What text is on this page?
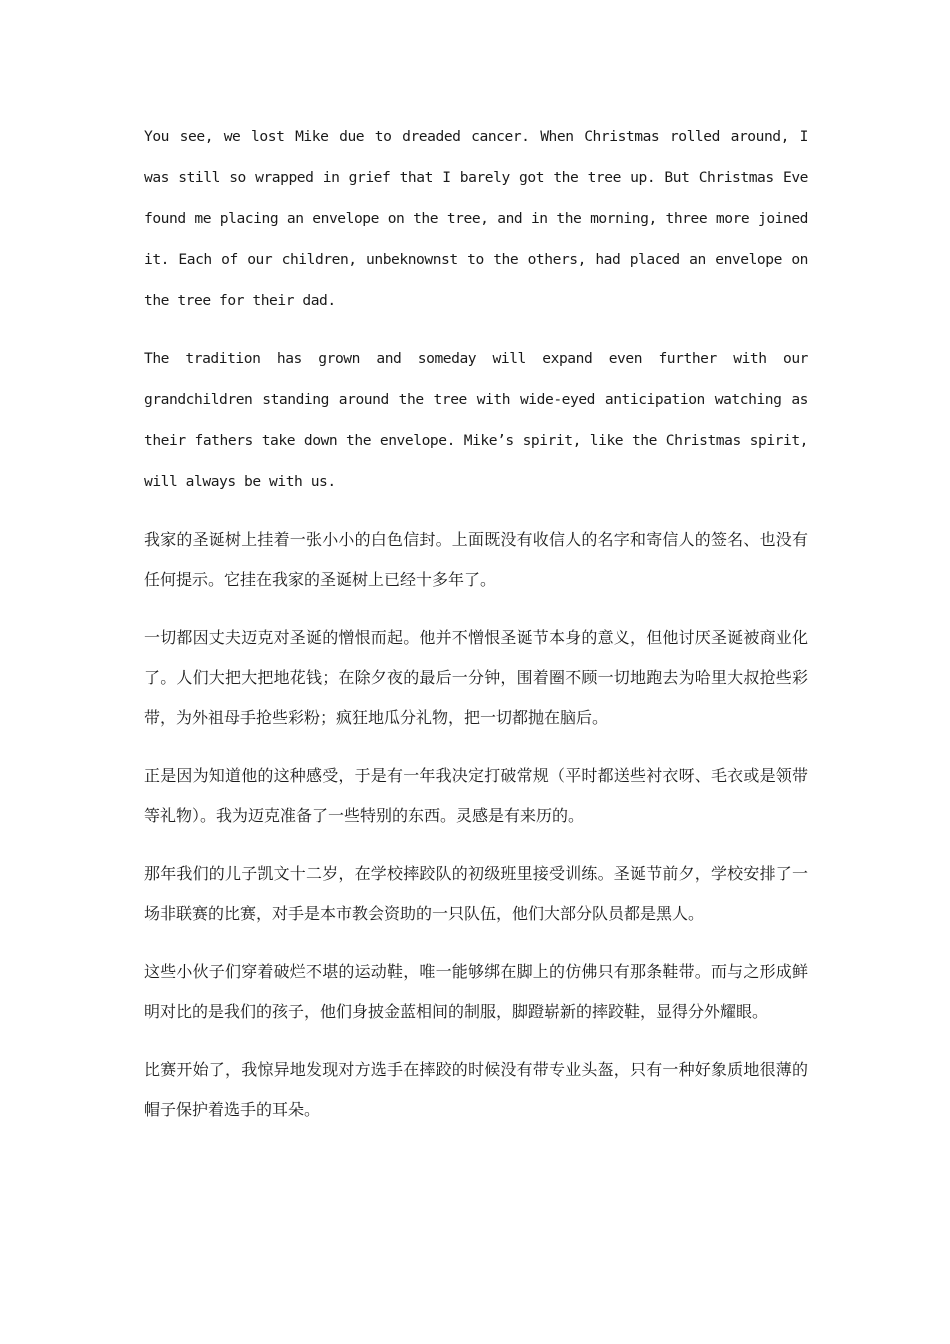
You see, we lost Mike due to dreaded cancer. When Christmas rolled around, I was still so wrapped in grief that I barely got the tree up. But Christmas Eve found me placing an envelope on the tree, and in the morning, three more joined it. Each of our children, unbeknownst to the others, had placed an envelope on the tree for their dad.

The tradition has grown and someday will expand even further with our grandchildren standing around the tree with wide-eyed anticipation watching as their fathers take down the envelope. Mike’s spirit, like the Christmas spirit, will always be with us.

我家的圣诞树上挂着一张小小的白色信封。上面既没有收信人的名字和寄信人的签名、也没有任何提示。它挂在我家的圣诞树上已经十多年了。

一切都因丈夫迈克对圣诞的憎恨而起。他并不憎恨圣诞节本身的意义，但他讨厌圣诞被商业化了。人们大把大把地花钱；在除夕夜的最后一分钟，围着圈不顾一切地跑去为哈里大叔抢些彩带，为外祖母手抢些彩粉；疯狂地瓜分礼物，把一切都抛在脑后。

正是因为知道他的这种感受，于是有一年我决定打破常规（平时都送些衬衣呀、毛衣或是领带等礼物）。我为迈克准备了一些特别的东西。灵感是有来历的。

那年我们的儿子凯文十二岁，在学校摔跤队的初级班里接受训练。圣诞节前夕，学校安排了一场非联赛的比赛，对手是本市教会资助的一只队伍，他们大部分队员都是黑人。

这些小伙子们穿着破烂不堪的运动鞋，唯一能够绑在脚上的仿佛只有那条鞋带。而与之形成鲜明对比的是我们的孩子，他们身披金蓝相间的制服，脚蹬崭新的摔跤鞋，显得分外耀眼。

比赛开始了，我惊异地发现对方选手在摔跤的时候没有带专业头盔，只有一种好象质地很薄的帽子保护着选手的耳朵。
